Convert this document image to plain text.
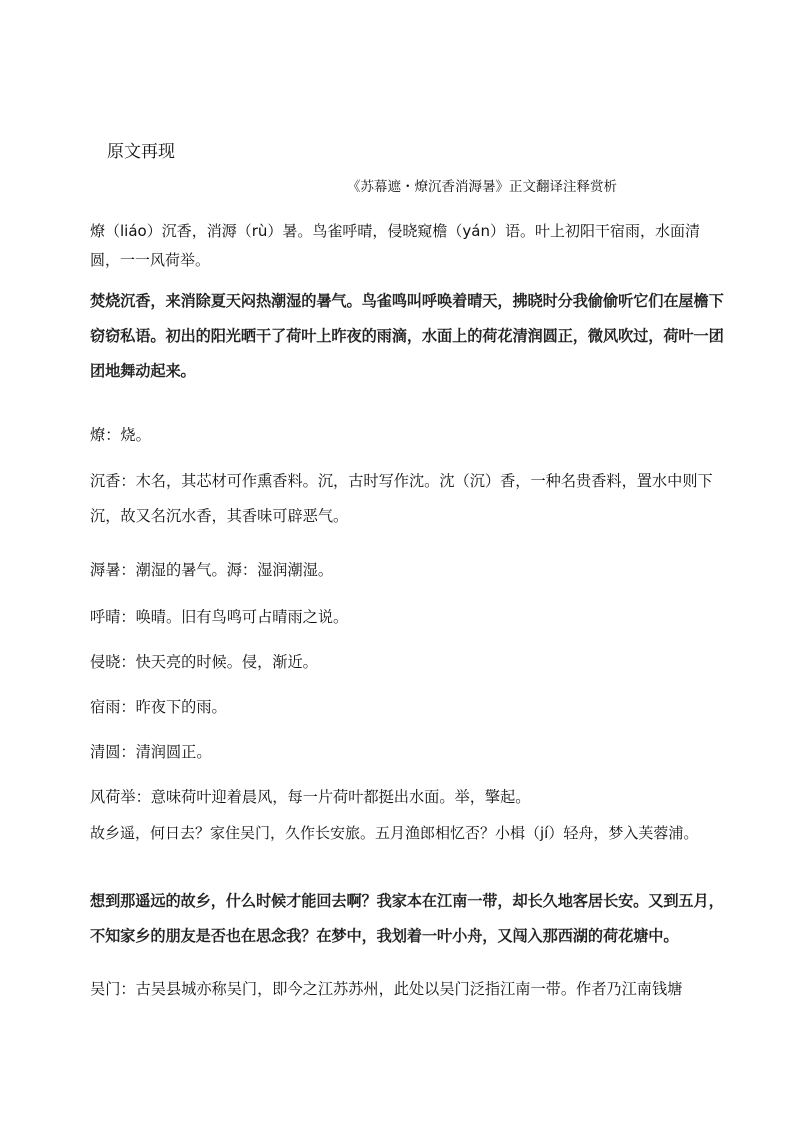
原文再现
《苏幕遮・燎沉香消溽暑》正文翻译注释赏析

燎（liáo）沉香，消溽（rù）暑。鸟雀呼晴，侵晓窥檐（yán）语。叶上初阳干宿雨，水面清圆，一一风荷举。

焚烧沉香，来消除夏天闷热潮湿的暑气。鸟雀鸣叫呼唤着晴天，拂晓时分我偷偷听它们在屋檐下窃窃私语。初出的阳光晒干了荷叶上昨夜的雨滴，水面上的荷花清润圆正，微风吹过，荷叶一团团地舞动起来。

燎：烧。

沉香：木名，其芯材可作熏香料。沉，古时写作沈。沈（沉）香，一种名贵香料，置水中则下沉，故又名沉水香，其香味可辟恶气。

溽暑：潮湿的暑气。溽：湿润潮湿。

呼晴：唤晴。旧有鸟鸣可占晴雨之说。

侵晓：快天亮的时候。侵，渐近。

宿雨：昨夜下的雨。

清圆：清润圆正。

风荷举：意味荷叶迎着晨风，每一片荷叶都挺出水面。举，擎起。

故乡遥，何日去？家住吴门，久作长安旅。五月渔郎相忆否？小楫（jí）轻舟，梦入芙蓉浦。

想到那遥远的故乡，什么时候才能回去啊？我家本在江南一带，却长久地客居长安。又到五月，不知家乡的朋友是否也在思念我？在梦中，我划着一叶小舟，又闯入那西湖的荷花塘中。

吴门：古吴县城亦称吴门，即今之江苏苏州，此处以吴门泛指江南一带。作者乃江南钱塘
